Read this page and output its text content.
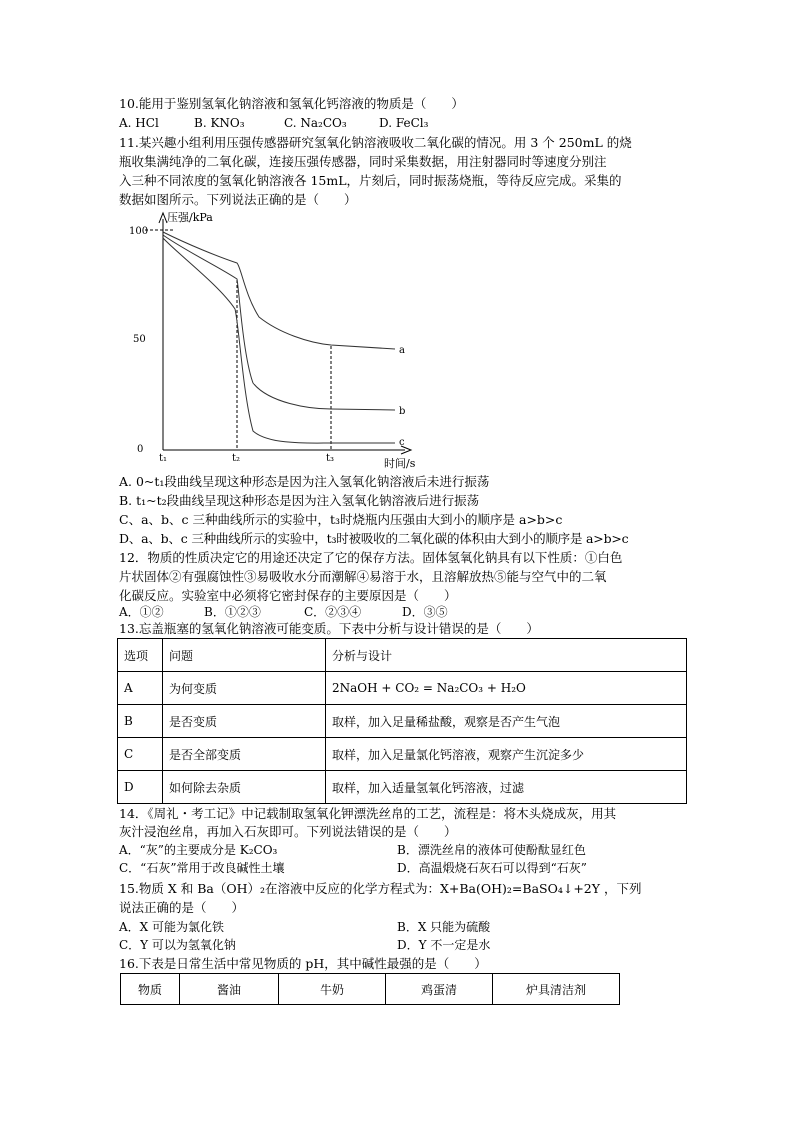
10.能用于鉴别氢氧化钠溶液和氢氧化钙溶液的物质是（　　）
A. HCl	B. KNO₃	C. Na₂CO₃	D. FeCl₃
11.某兴趣小组利用压强传感器研究氢氧化钠溶液吸收二氧化碳的情况。用 3 个 250mL 的烧
瓶收集满纯净的二氧化碳，连接压强传感器，同时采集数据，用注射器同时等速度分别注
入三种不同浓度的氢氧化钠溶液各 15mL，片刻后，同时振荡烧瓶，等待反应完成。采集的
数据如图所示。下列说法正确的是（　　）
压强/kPa
时间/s
100
50
0
t₁	t₂	t₃
a
b
c
A. 0~t₁段曲线呈现这种形态是因为注入氢氧化钠溶液后未进行振荡
B. t₁~t₂段曲线呈现这种形态是因为注入氢氧化钠溶液后进行振荡
C、a、b、c 三种曲线所示的实验中，t₃时烧瓶内压强由大到小的顺序是 a>b>c
D、a、b、c 三种曲线所示的实验中，t₃时被吸收的二氧化碳的体积由大到小的顺序是 a>b>c
12．物质的性质决定它的用途还决定了它的保存方法。固体氢氧化钠具有以下性质：①白色
片状固体②有强腐蚀性③易吸收水分而潮解④易溶于水，且溶解放热⑤能与空气中的二氧
化碳反应。实验室中必须将它密封保存的主要原因是（　　）
A．①②	B．①②③	C．②③④	D．③⑤
13.忘盖瓶塞的氢氧化钠溶液可能变质。下表中分析与设计错误的是（　　）
选项	问题	分析与设计
A	为何变质	2NaOH + CO₂ = Na₂CO₃ + H₂O
B	是否变质	取样，加入足量稀盐酸，观察是否产生气泡
C	是否全部变质	取样，加入足量氯化钙溶液，观察产生沉淀多少
D	如何除去杂质	取样，加入适量氢氧化钙溶液，过滤
14．《周礼・考工记》中记载制取氢氧化钾漂洗丝帛的工艺，流程是：将木头烧成灰，用其
灰汁浸泡丝帛，再加入石灰即可。下列说法错误的是（　　）
A．“灰”的主要成分是 K₂CO₃	B．漂洗丝帛的液体可使酚酞显红色
C．“石灰”常用于改良碱性土壤	D．高温煅烧石灰石可以得到“石灰”
15.物质 X 和 Ba（OH）₂在溶液中反应的化学方程式为：X+Ba(OH)₂=BaSO₄↓+2Y ，下列
说法正确的是（　　）
A．X 可能为氯化铁	B．X 只能为硫酸
C．Y 可以为氢氧化钠	D．Y 不一定是水
16.下表是日常生活中常见物质的 pH，其中碱性最强的是（　　）
物质	酱油	牛奶	鸡蛋清	炉具清洁剂
